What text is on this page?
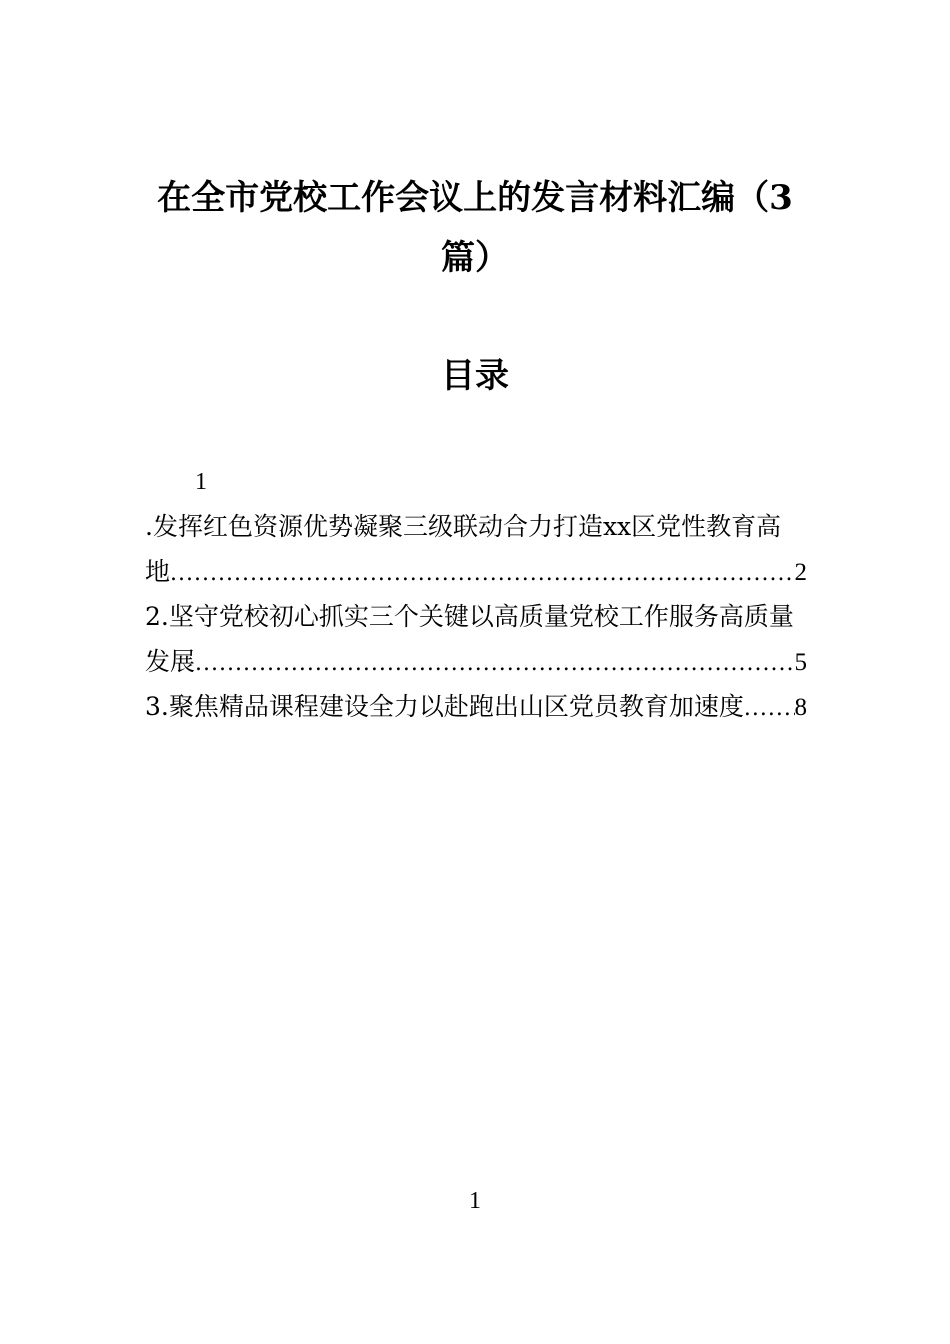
在全市党校工作会议上的发言材料汇编（3篇）
目录
1
.发挥红色资源优势凝聚三级联动合力打造xx区党性教育高
地 .....	2
2.坚守党校初心抓实三个关键以高质量党校工作服务高质量
发展 .....	5
3.聚焦精品课程建设全力以赴跑出山区党员教育加速度 ..... 8
1
